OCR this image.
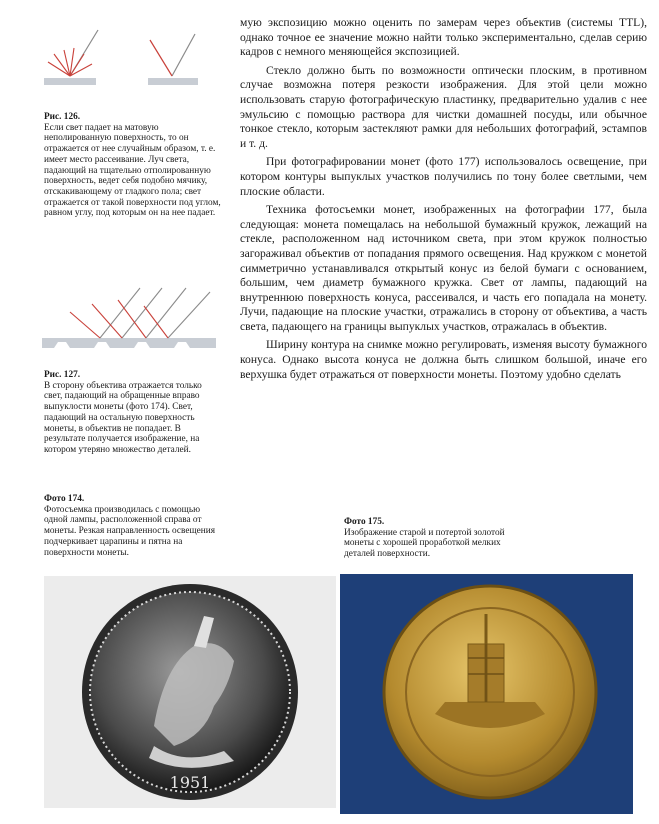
Рис. 126.

Если свет падает на матовую неполированную поверхность, то он отражается от нее случайным образом, т. е. имеет место рассеивание. Луч света, падающий на тщательно отполированную поверхность, ведет себя подобно мячику, отскакивающему от гладкого пола; свет отражается от такой поверхности под углом, равном углу, под которым он на нее падает.

Рис. 127.

В сторону объектива отражается только свет, падающий на обращенные вправо выпуклости монеты (фото 174). Свет, падающий на остальную поверхность монеты, в объектив не попадает. В результате получается изображение, на котором утеряно множество деталей.

Фото 174.

Фотосъемка производилась с помощью одной лампы, расположенной справа от монеты. Резкая направленность освещения подчеркивает царапины и пятна на поверхности монеты.

Фото 175.

Изображение старой и потертой золотой монеты с хорошей проработкой мелких деталей поверхности.

мую экспозицию можно оценить по замерам через объектив (системы TTL), однако точное ее значение можно найти только экспериментально, сделав серию кадров с немного меняющейся экспозицией.

Стекло должно быть по возможности оптически плоским, в противном случае возможна потеря резкости изображения. Для этой цели можно использовать старую фотографическую пластинку, предварительно удалив с нее эмульсию с помощью раствора для чистки домашней посуды, или обычное тонкое стекло, которым застекляют рамки для небольших фотографий, эстампов и т. д.

При фотографировании монет (фото 177) использовалось освещение, при котором контуры выпуклых участков получились по тону более светлыми, чем плоские области.

Техника фотосъемки монет, изображенных на фотографии 177, была следующая: монета помещалась на небольшой бумажный кружок, лежащий на стекле, расположенном над источником света, при этом кружок полностью загораживал объектив от попадания прямого освещения. Над кружком с монетой симметрично устанавливался открытый конус из белой бумаги с основанием, большим, чем диаметр бумажного кружка. Свет от лампы, падающий на внутреннюю поверхность конуса, рассеивался, и часть его попадала на монету. Лучи, падающие на плоские участки, отражались в сторону от объектива, а часть света, падающего на границы выпуклых участков, отражалась в объектив.

Ширину контура на снимке можно регулировать, изменяя высоту бумажного конуса. Однако высота конуса не должна быть слишком большой, иначе его верхушка будет отражаться от поверхности монеты. Поэтому удобно сделать

1951
